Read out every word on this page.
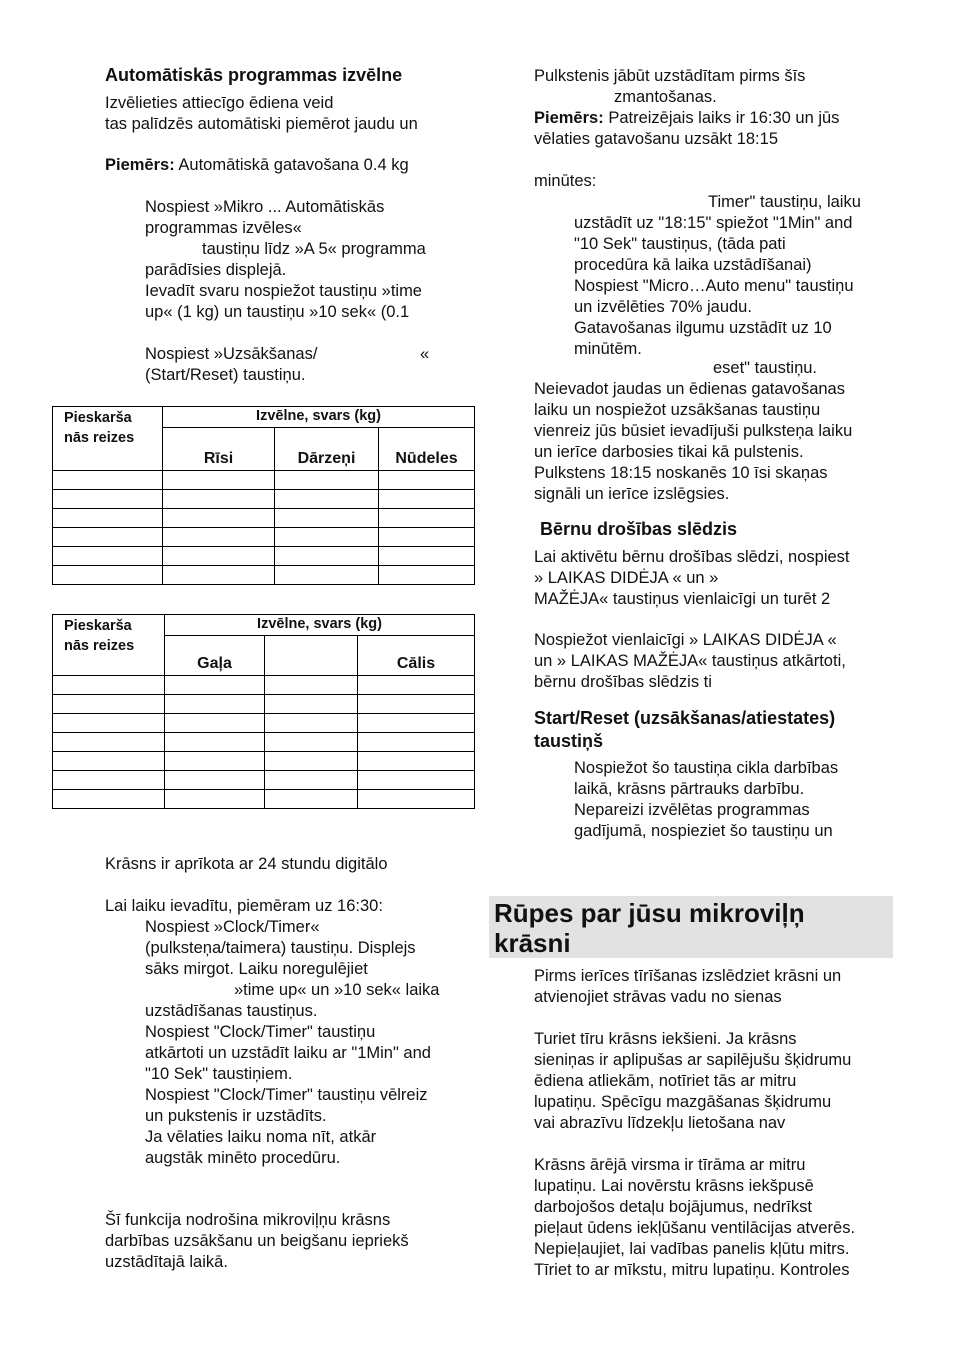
Automātiskās programmas izvēlne
Izvēlieties attiecīgo ēdiena veid
tas palīdzēs automātiski piemērot jaudu un
Piemērs: Automātiskā gatavošana 0.4 kg
Nospiest »Mikro ... Automātiskās
programmas izvēles«
taustiņu līdz »A 5« programma
parādīsies displejā.
Ievadīt svaru nospiežot taustiņu »time
up« (1 kg) un taustiņu »10 sek« (0.1
Nospiest »Uzsākšanas/	«
(Start/Reset) taustiņu.
Pieskarša
nās reizes	Izvēlne, svars (kg)		
	Rīsi	Dārzeņi	Nūdeles

Pieskarša
nās reizes	Izvēlne, svars (kg)		
	Gaļa		Cālis

Krāsns ir aprīkota ar 24 stundu digitālo
Lai laiku ievadītu, piemēram uz 16:30:
Nospiest »Clock/Timer«
(pulksteņa/taimera) taustiņu. Displejs
sāks mirgot. Laiku noregulējiet
»time up« un »10 sek« laika
uzstādīšanas taustiņus.
Nospiest "Clock/Timer" taustiņu
atkārtoti un uzstādīt laiku ar "1Min" and
"10 Sek" taustiņiem.
Nospiest "Clock/Timer" taustiņu vēlreiz
un pukstenis ir uzstādīts.
Ja vēlaties laiku noma nīt, atkār
augstāk minēto procedūru.
Šī funkcija nodrošina mikroviļņu krāsns
darbības uzsākšanu un beigšanu iepriekš
uzstādītajā laikā.
Pulkstenis jābūt uzstādītam pirms šīs
zmantošanas.
Piemērs: Patreizējais laiks ir 16:30 un jūs
vēlaties gatavošanu uzsākt 18:15
minūtes:
Timer" taustiņu, laiku
uzstādīt uz "18:15" spiežot "1Min" and
"10 Sek" taustiņus, (tāda pati
procedūra kā laika uzstādīšanai)
Nospiest "Micro…Auto menu" taustiņu
un izvēlēties 70% jaudu.
Gatavošanas ilgumu uzstādīt uz 10
minūtēm.
eset" taustiņu.
Neievadot jaudas un ēdienas gatavošanas
laiku un nospiežot uzsākšanas taustiņu
vienreiz jūs būsiet ievadījuši pulksteņa laiku
un ierīce darbosies tikai kā pulstenis.
Pulkstens 18:15 noskanēs 10 īsi skaņas
signāli un ierīce izslēgsies.
Bērnu drošības slēdzis
Lai aktivētu bērnu drošības slēdzi, nospiest
» LAIKAS DIDĖJA « un »
MAŽĖJA« taustiņus vienlaicīgi un turēt 2
Nospiežot vienlaicīgi » LAIKAS DIDĖJA «
un » LAIKAS MAŽĖJA« taustiņus atkārtoti,
bērnu drošības slēdzis ti
Start/Reset (uzsākšanas/atiestates)
taustiņš
Nospiežot šo taustiņa cikla darbības
laikā, krāsns pārtrauks darbību.
Nepareizi izvēlētas programmas
gadījumā, nospieziet šo taustiņu un
Rūpes par jūsu mikroviļņ
krāsni
Pirms ierīces tīrīšanas izslēdziet krāsni un
atvienojiet strāvas vadu no sienas
Turiet tīru krāsns iekšieni. Ja krāsns
sieniņas ir aplipušas ar sapilējušu šķidrumu
ēdiena atliekām, notīriet tās ar mitru
lupatiņu. Spēcīgu mazgāšanas šķidrumu
vai abrazīvu līdzekļu lietošana nav
Krāsns ārējā virsma ir tīrāma ar mitru
lupatiņu. Lai novērstu krāsns iekšpusē
darbojošos detaļu bojājumus, nedrīkst
pieļaut ūdens iekļūšanu ventilācijas atverēs.
Nepieļaujiet, lai vadības panelis kļūtu mitrs.
Tīriet to ar mīkstu, mitru lupatiņu. Kontroles
